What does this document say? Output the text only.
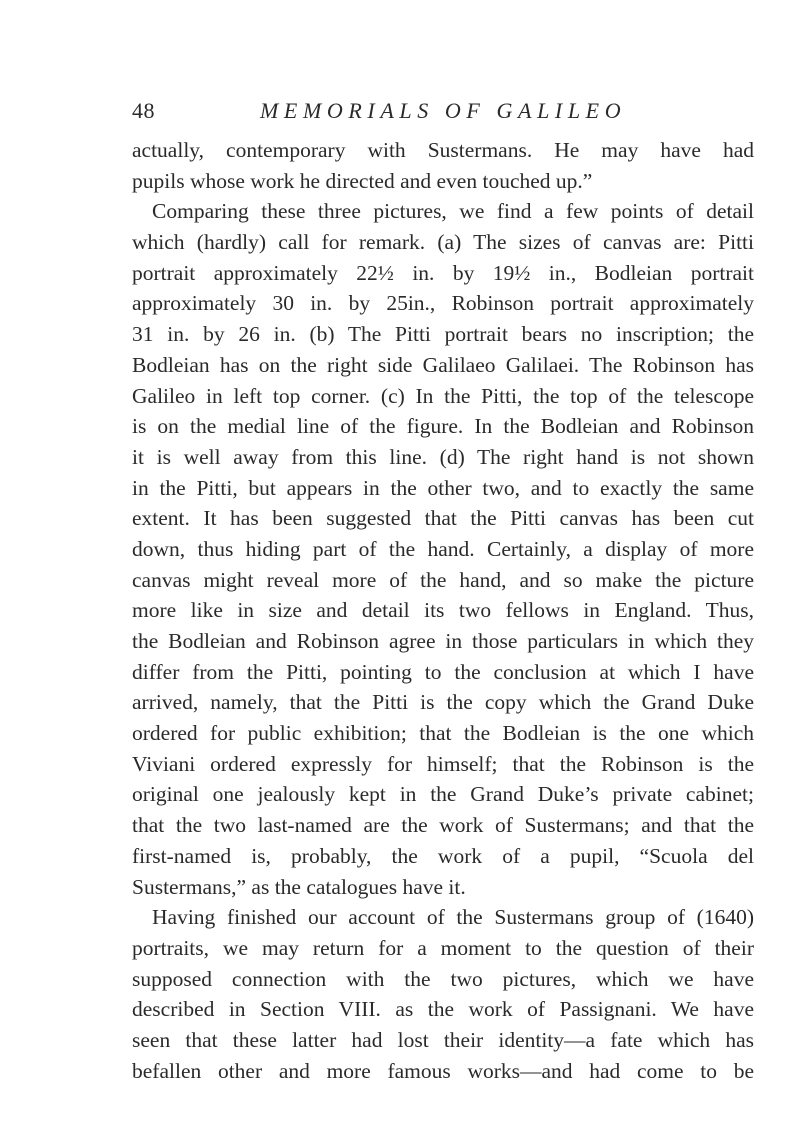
48	MEMORIALS OF GALILEO
actually, contemporary with Sustermans. He may have had
pupils whose work he directed and even touched up.”
Comparing these three pictures, we find a few points of detail
which (hardly) call for remark. (a) The sizes of canvas are: Pitti
portrait approximately 22½ in. by 19½ in., Bodleian portrait
approximately 30 in. by 25in., Robinson portrait approximately
31 in. by 26 in. (b) The Pitti portrait bears no inscription; the
Bodleian has on the right side Galilaeo Galilaei. The Robinson has
Galileo in left top corner. (c) In the Pitti, the top of the telescope
is on the medial line of the figure. In the Bodleian and Robinson
it is well away from this line. (d) The right hand is not shown
in the Pitti, but appears in the other two, and to exactly the same
extent. It has been suggested that the Pitti canvas has been cut
down, thus hiding part of the hand. Certainly, a display of more
canvas might reveal more of the hand, and so make the picture
more like in size and detail its two fellows in England. Thus,
the Bodleian and Robinson agree in those particulars in which they
differ from the Pitti, pointing to the conclusion at which I have
arrived, namely, that the Pitti is the copy which the Grand Duke
ordered for public exhibition; that the Bodleian is the one which
Viviani ordered expressly for himself; that the Robinson is the
original one jealously kept in the Grand Duke’s private cabinet;
that the two last-named are the work of Sustermans; and that the
first-named is, probably, the work of a pupil, “Scuola del
Sustermans,” as the catalogues have it.
Having finished our account of the Sustermans group of (1640)
portraits, we may return for a moment to the question of their
supposed connection with the two pictures, which we have
described in Section VIII. as the work of Passignani. We have
seen that these latter had lost their identity—a fate which has
befallen other and more famous works—and had come to be
